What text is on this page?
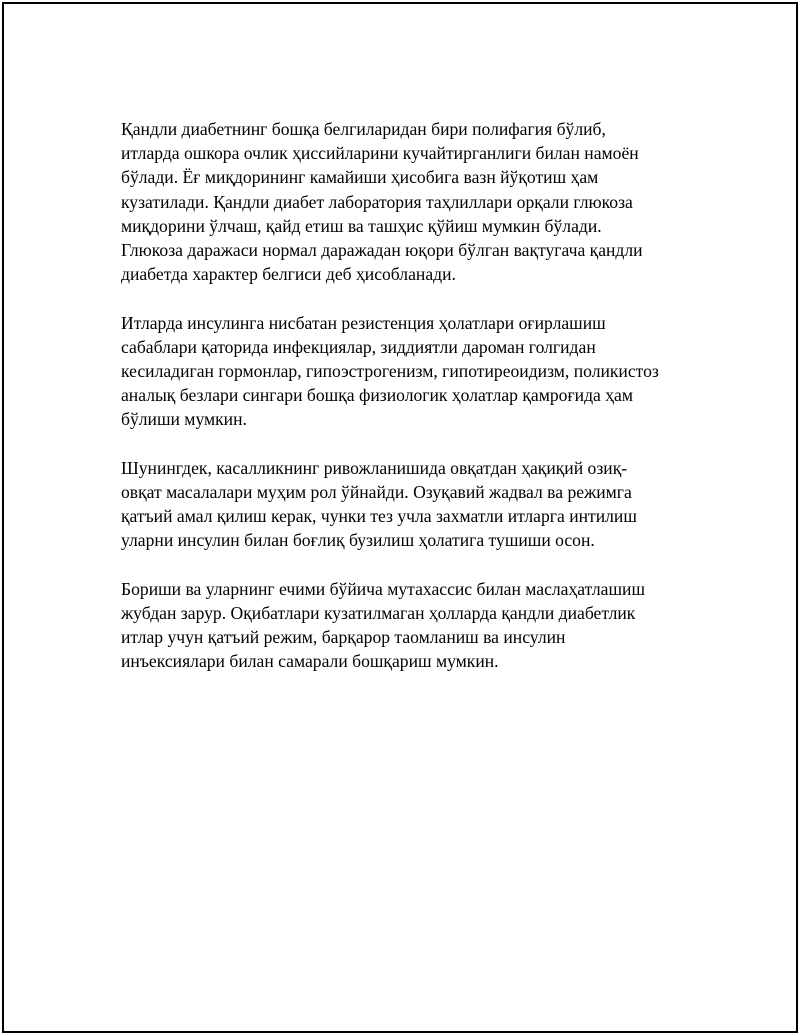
Қандли диабетнинг бошқа белгиларидан бири полифагия бўлиб,
итларда ошкора очлик ҳиссийларини кучайтирганлиги билан намоён
бўлади. Ёғ миқдорининг камайиши ҳисобига вазн йўқотиш ҳам
кузатилади. Қандли диабет лаборатория таҳлиллари орқали глюкоза
миқдорини ўлчаш, қайд етиш ва ташҳис қўйиш мумкин бўлади.
Глюкоза даражаси нормал даражадан юқори бўлган вақтугача қандли
диабетда характер белгиси деб ҳисобланади.

Итларда инсулинга нисбатан резистенция ҳолатлари оғирлашиш
сабаблари қаторида инфекциялар, зиддиятли дароман голгидан
кесиладиган гормонлар, гипоэстрогенизм, гипотиреоидизм, поликистоз
аналық безлари сингари бошқа физиологик ҳолатлар қамроғида ҳам
бўлиши мумкин.

Шунингдек, касалликнинг ривожланишида овқатдан ҳақиқий озиқ-
овқат масалалари муҳим рол ўйнайди. Озуқавий жадвал ва режимга
қатъий амал қилиш керак, чунки тез учла захматли итларга интилиш
уларни инсулин билан боғлиқ бузилиш ҳолатига тушиши осон.

Бориши ва уларнинг ечими бўйича мутахассис билан маслаҳатлашиш
жубдан зарур. Оқибатлари кузатилмаган ҳолларда қандли диабетлик
итлар учун қатъий режим, барқарор таомланиш ва инсулин
инъексиялари билан самарали бошқариш мумкин.
